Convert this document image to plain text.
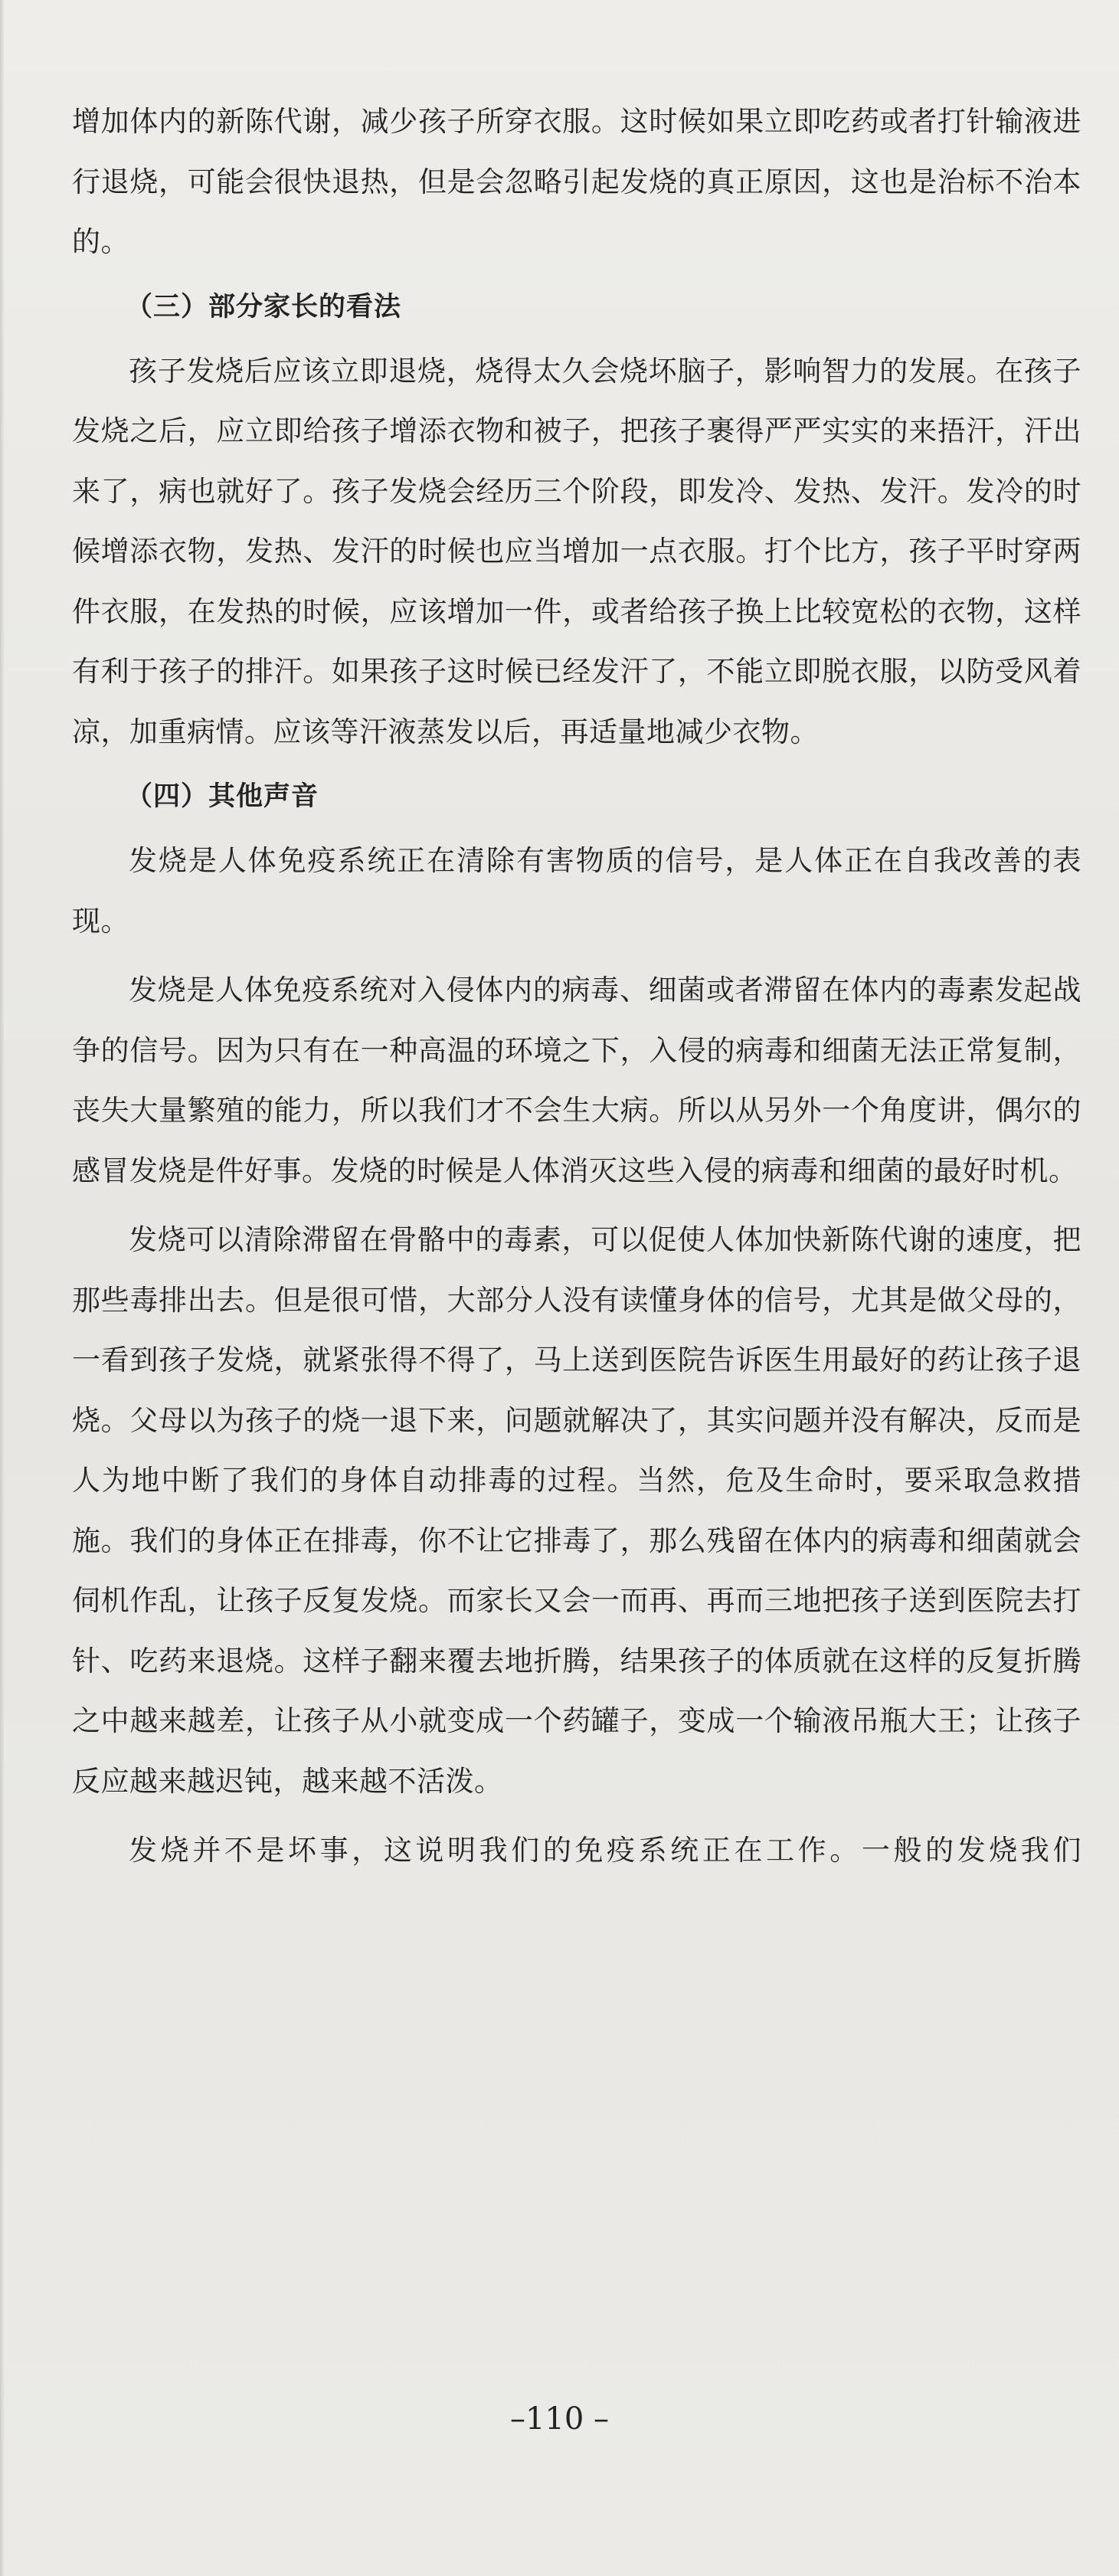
增加体内的新陈代谢，减少孩子所穿衣服。这时候如果立即吃药或者打针输液进行退烧，可能会很快退热，但是会忽略引起发烧的真正原因，这也是治标不治本的。

（三）部分家长的看法

孩子发烧后应该立即退烧，烧得太久会烧坏脑子，影响智力的发展。在孩子发烧之后，应立即给孩子增添衣物和被子，把孩子裹得严严实实的来捂汗，汗出来了，病也就好了。孩子发烧会经历三个阶段，即发冷、发热、发汗。发冷的时候增添衣物，发热、发汗的时候也应当增加一点衣服。打个比方，孩子平时穿两件衣服，在发热的时候，应该增加一件，或者给孩子换上比较宽松的衣物，这样有利于孩子的排汗。如果孩子这时候已经发汗了，不能立即脱衣服，以防受风着凉，加重病情。应该等汗液蒸发以后，再适量地减少衣物。

（四）其他声音

发烧是人体免疫系统正在清除有害物质的信号，是人体正在自我改善的表现。

发烧是人体免疫系统对入侵体内的病毒、细菌或者滞留在体内的毒素发起战争的信号。因为只有在一种高温的环境之下，入侵的病毒和细菌无法正常复制，丧失大量繁殖的能力，所以我们才不会生大病。所以从另外一个角度讲，偶尔的感冒发烧是件好事。发烧的时候是人体消灭这些入侵的病毒和细菌的最好时机。

发烧可以清除滞留在骨骼中的毒素，可以促使人体加快新陈代谢的速度，把那些毒排出去。但是很可惜，大部分人没有读懂身体的信号，尤其是做父母的，一看到孩子发烧，就紧张得不得了，马上送到医院告诉医生用最好的药让孩子退烧。父母以为孩子的烧一退下来，问题就解决了，其实问题并没有解决，反而是人为地中断了我们的身体自动排毒的过程。当然，危及生命时，要采取急救措施。我们的身体正在排毒，你不让它排毒了，那么残留在体内的病毒和细菌就会伺机作乱，让孩子反复发烧。而家长又会一而再、再而三地把孩子送到医院去打针、吃药来退烧。这样子翻来覆去地折腾，结果孩子的体质就在这样的反复折腾之中越来越差，让孩子从小就变成一个药罐子，变成一个输液吊瓶大王；让孩子反应越来越迟钝，越来越不活泼。

发烧并不是坏事，这说明我们的免疫系统正在工作。一般的发烧我们

–110 –
